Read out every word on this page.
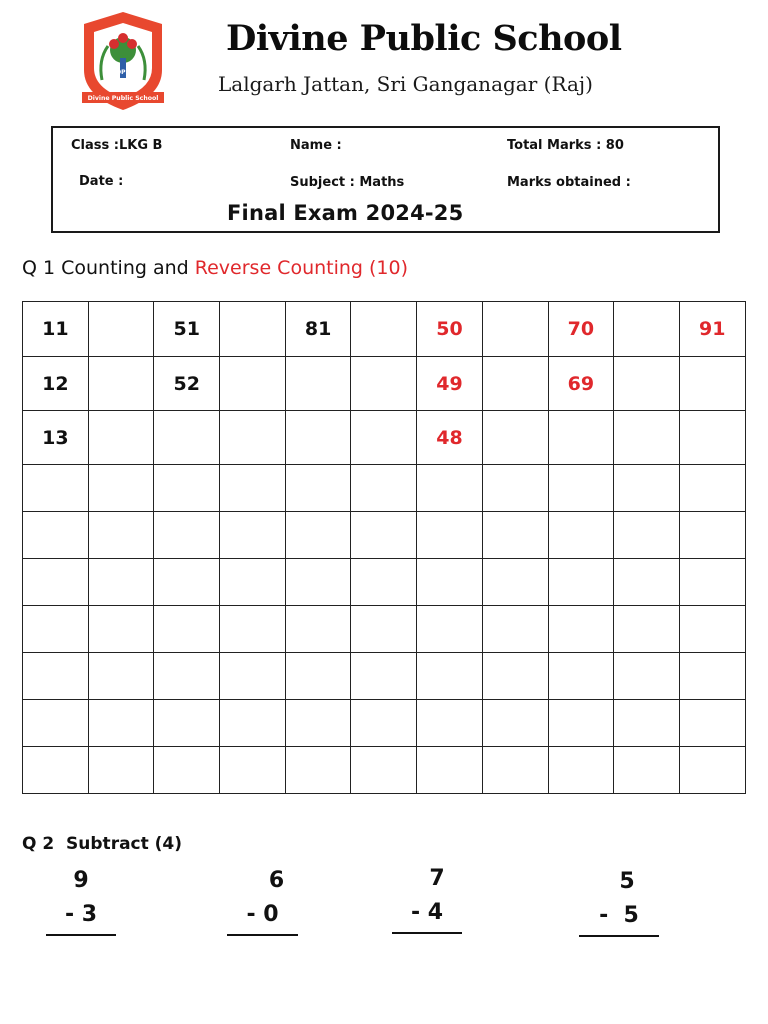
DPS
Divine Public School
Divine Public School
Lalgarh Jattan, Sri Ganganagar (Raj)
Class :LKG B	Name :	Total Marks : 80
Date :	Subject : Maths	Marks obtained :
Final Exam 2024-25
Q 1 Counting and Reverse Counting (10)
11		51		81		50		70		91
12		52				49		69		
13						48				

Q 2 Subtract (4)
9
- 3
6
- 0
7
- 4
5
-  5
